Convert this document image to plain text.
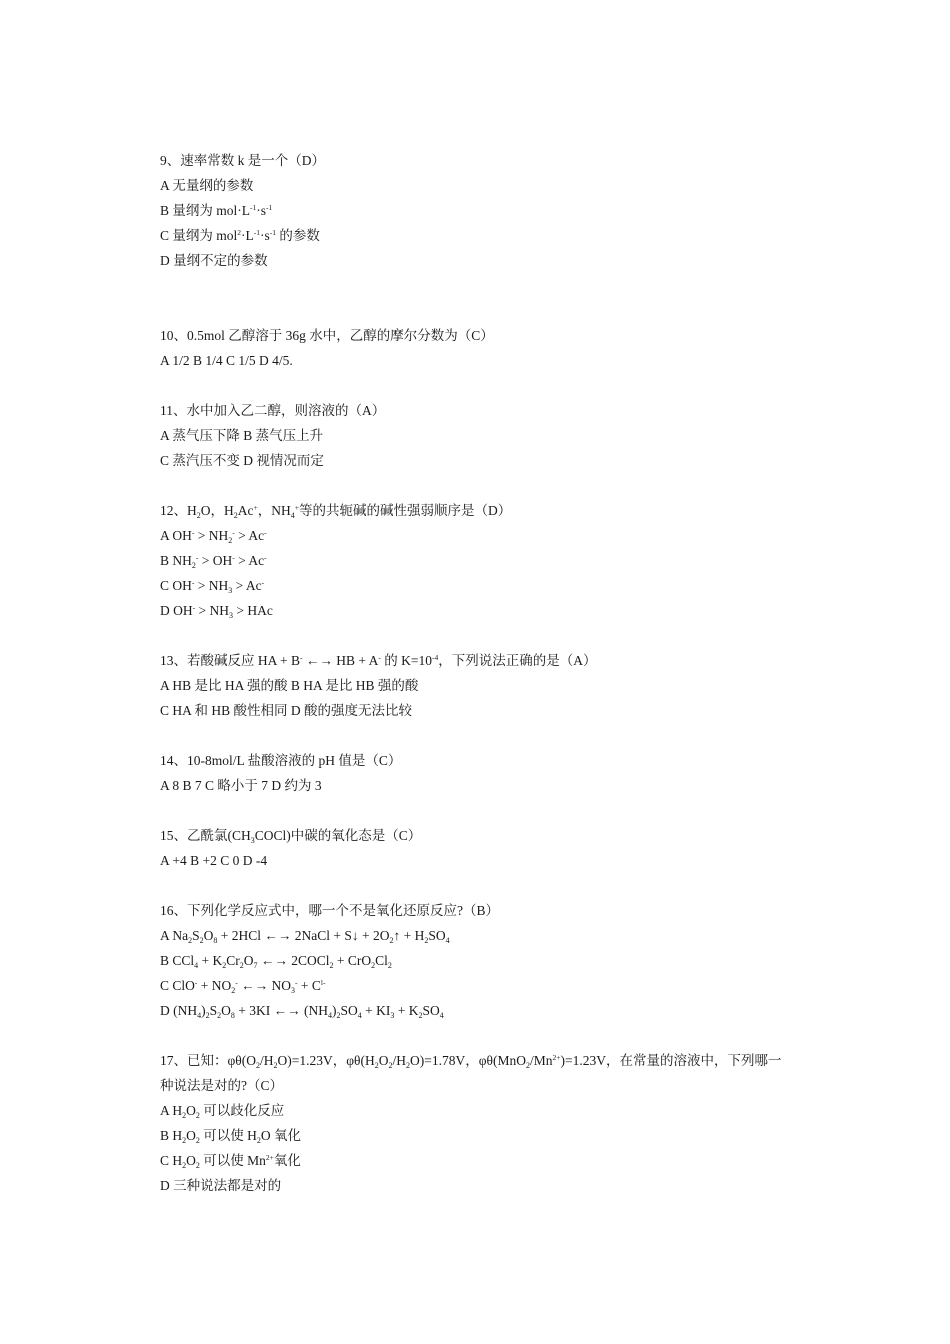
9、速率常数 k 是一个（D）
A 无量纲的参数
B 量纲为 $mol\cdot L^{-1}\cdot s^{-1}$
C 量纲为 $mol^2\cdot L^{-1}\cdot s^{-1}$ 的参数
D 量纲不定的参数
10、0.5mol 乙醇溶于 36g 水中，乙醇的摩尔分数为（C）
A 1/2 B 1/4 C 1/5 D 4/5.
11、水中加入乙二醇，则溶液的（A）
A 蒸气压下降 B 蒸气压上升
C 蒸汽压不变 D 视情况而定
12、$H_2O$，$H_2Ac^+$，$NH_4^+$等的共轭碱的碱性强弱顺序是（D）
A $OH^- > NH_2^- > Ac^-$
B $NH_2^- > OH^- > Ac^-$
C $OH^- > NH_3 > Ac^-$
D $OH^- > NH_3$ > HAc
13、若酸碱反应 HA + B- ←→ HB + A- 的 $K=10^{-4}$，下列说法正确的是（A）
A HB 是比 HA 强的酸 B HA 是比 HB 强的酸
C HA 和 HB 酸性相同 D 酸的强度无法比较
14、10-8mol/L 盐酸溶液的 pH 值是（C）
A 8 B 7 C 略小于 7 D 约为 3
15、乙酰氯$(CH_3COCl)$中碳的氧化态是（C）
A +4 B +2 C 0 D -4
16、下列化学反应式中，哪一个不是氧化还原反应?（B）
A $Na_2S_2O_8 + 2HCl$ ←→ 2NaCl + S↓ + $2O_2↑ + H_2SO_4$
B $CCl_4 + K_2Cr_2O_7$ ←→ 2COCl$_2$ + $CrO_2Cl_2$
C $ClO^- + NO_2^-$ ←→ $NO_3^- + C^{l-}$
D $(NH_4)_2S_2O_8 + 3KI$ ←→ $(NH_4)_2SO_4 + KI_3 + K_2SO_4$
17、已知：$\varphi\theta(O_2/H_2O)=1.23V$，$\varphi\theta(H_2O_2/H_2O)=1.78V$，$\varphi\theta(MnO_2/Mn^{2+})=1.23V$，在常量的溶液中，下列哪一
种说法是对的?（C）
A $H_2O_2$ 可以歧化反应
B $H_2O_2$ 可以使 $H_2O$ 氧化
C $H_2O_2$ 可以使 $Mn^{2+}$氧化
D 三种说法都是对的
